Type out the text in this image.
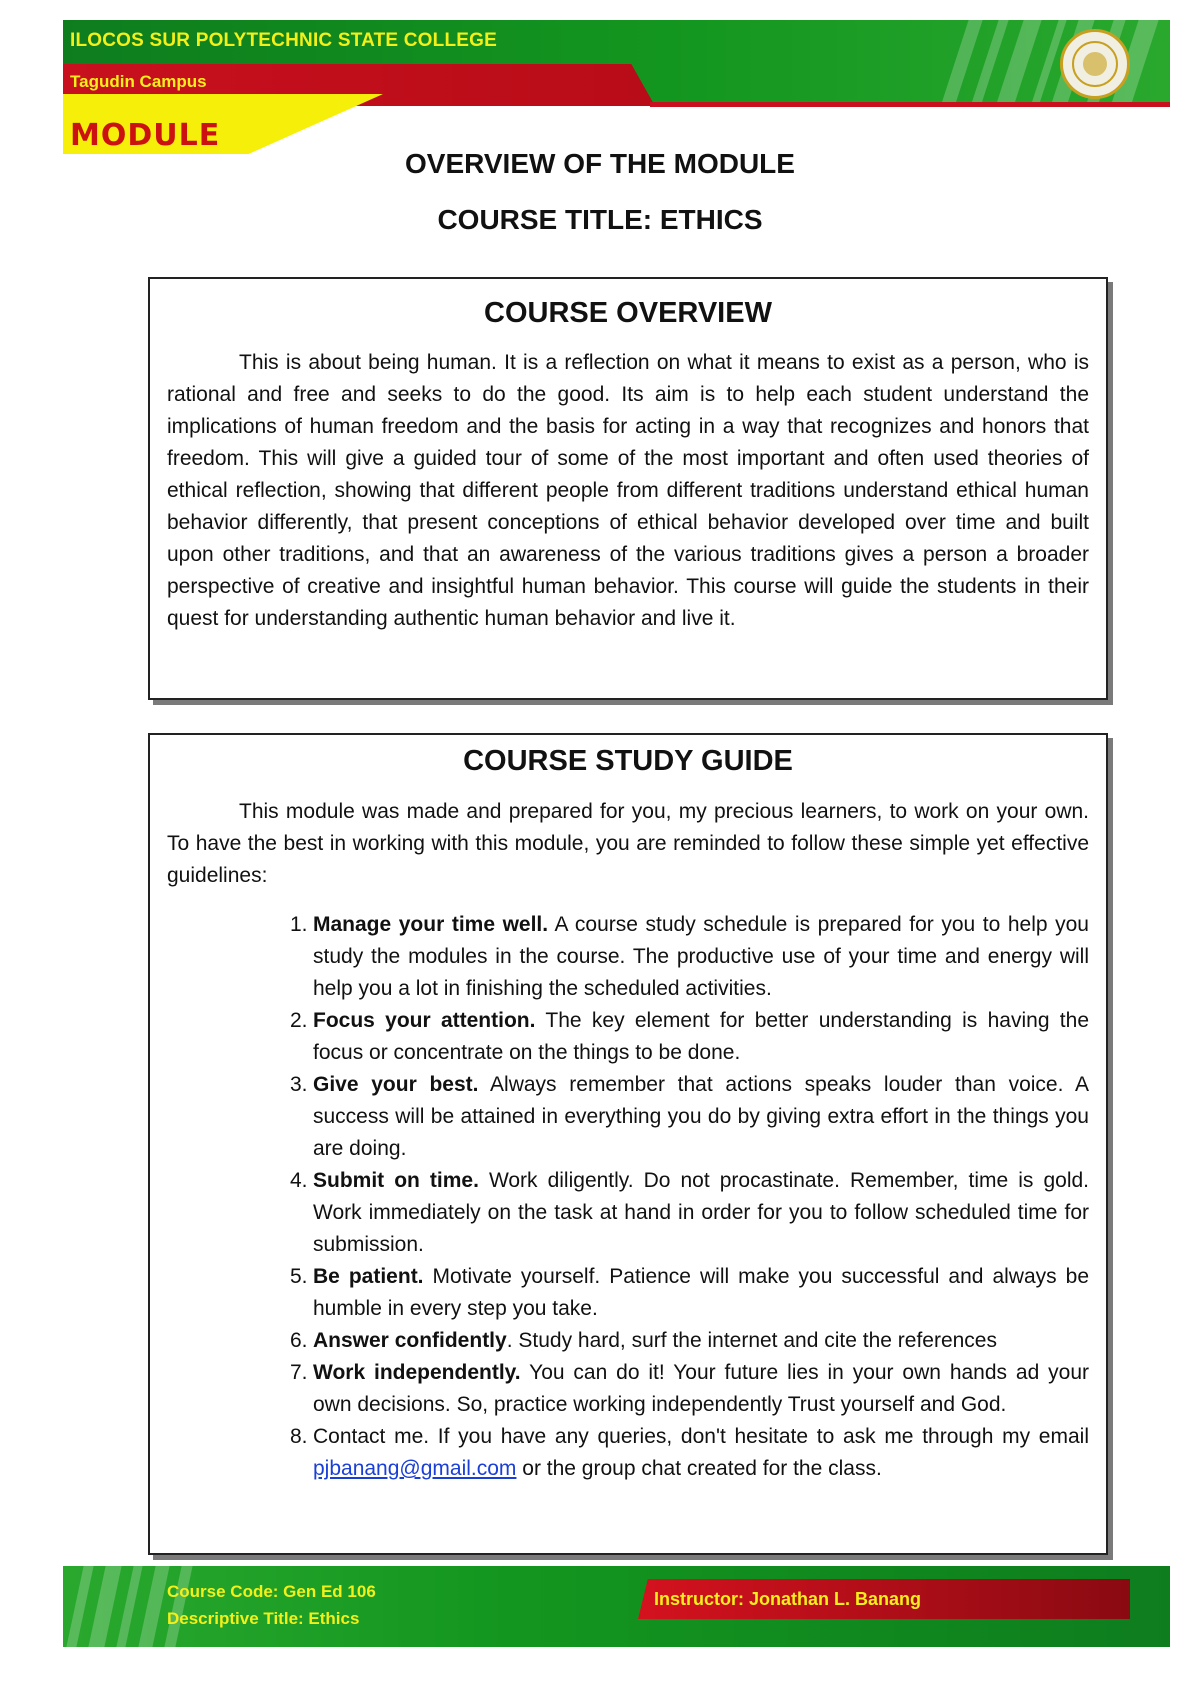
ILOCOS SUR POLYTECHNIC STATE COLLEGE
Tagudin Campus
MODULE
OVERVIEW OF THE MODULE
COURSE TITLE: ETHICS
COURSE OVERVIEW

This is about being human. It is a reflection on what it means to exist as a person, who is rational and free and seeks to do the good. Its aim is to help each student understand the implications of human freedom and the basis for acting in a way that recognizes and honors that freedom. This will give a guided tour of some of the most important and often used theories of ethical reflection, showing that different people from different traditions understand ethical human behavior differently, that present conceptions of ethical behavior developed over time and built upon other traditions, and that an awareness of the various traditions gives a person a broader perspective of creative and insightful human behavior. This course will guide the students in their quest for understanding authentic human behavior and live it.

COURSE STUDY GUIDE

This module was made and prepared for you, my precious learners, to work on your own. To have the best in working with this module, you are reminded to follow these simple yet effective guidelines:

1. Manage your time well. A course study schedule is prepared for you to help you study the modules in the course. The productive use of your time and energy will help you a lot in finishing the scheduled activities.
2. Focus your attention. The key element for better understanding is having the focus or concentrate on the things to be done.
3. Give your best. Always remember that actions speaks louder than voice. A success will be attained in everything you do by giving extra effort in the things you are doing.
4. Submit on time. Work diligently. Do not procastinate. Remember, time is gold. Work immediately on the task at hand in order for you to follow scheduled time for submission.
5. Be patient. Motivate yourself. Patience will make you successful and always be humble in every step you take.
6. Answer confidently. Study hard, surf the internet and cite the references
7. Work independently. You can do it! Your future lies in your own hands ad your own decisions. So, practice working independently Trust yourself and God.
8. Contact me. If you have any queries, don't hesitate to ask me through my email pjbanang@gmail.com or the group chat created for the class.
Course Code: Gen Ed 106
Descriptive Title: Ethics
Instructor: Jonathan L. Banang
